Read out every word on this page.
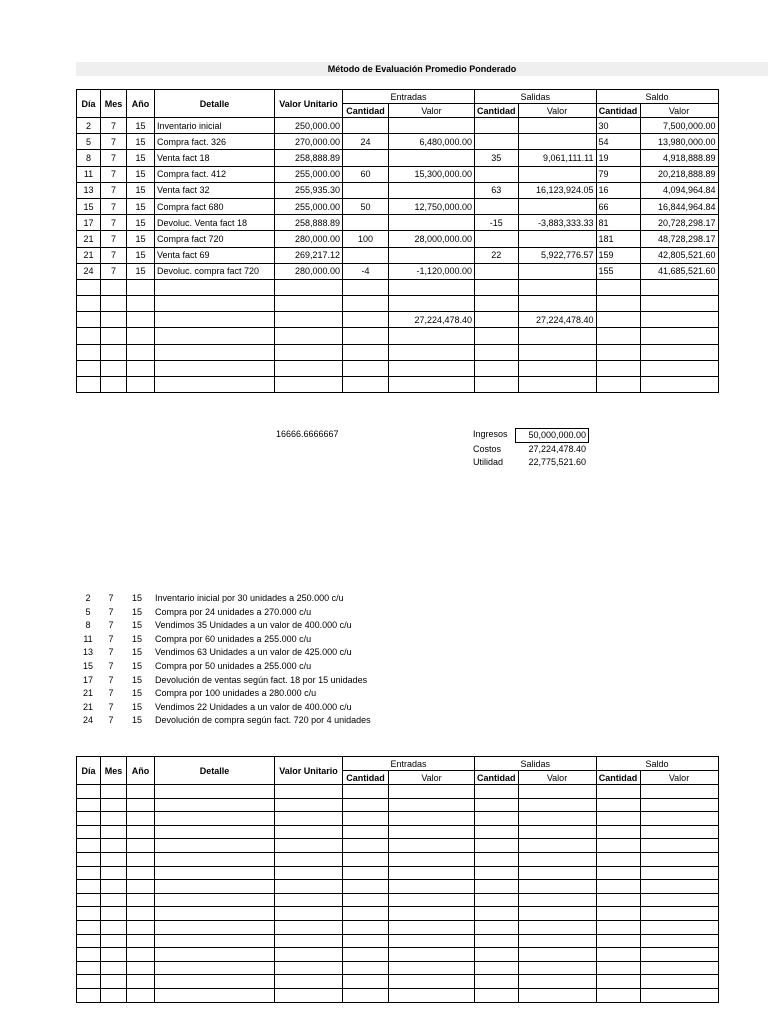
Método de Evaluación Promedio Ponderado
Día	Mes	Año	Detalle	Valor Unitario	Entradas		Salidas		Saldo	
					Cantidad	Valor	Cantidad	Valor	Cantidad	Valor
2	7	15	Inventario inicial	250,000.00					30	7,500,000.00
5	7	15	Compra fact. 326	270,000.00	24	6,480,000.00			54	13,980,000.00
8	7	15	Venta fact 18	258,888.89			35	9,061,111.11	19	4,918,888.89
11	7	15	Compra fact. 412	255,000.00	60	15,300,000.00			79	20,218,888.89
13	7	15	Venta fact 32	255,935.30			63	16,123,924.05	16	4,094,964.84
15	7	15	Compra fact 680	255,000.00	50	12,750,000.00			66	16,844,964.84
17	7	15	Devoluc. Venta fact 18	258,888.89			-15	-3,883,333.33	81	20,728,298.17
21	7	15	Compra fact 720	280,000.00	100	28,000,000.00			181	48,728,298.17
21	7	15	Venta fact 69	269,217.12			22	5,922,776.57	159	42,805,521.60
24	7	15	Devoluc. compra fact 720	280,000.00	-4	-1,120,000.00			155	41,685,521.60

						27,224,478.40		27,224,478.40		

16666.6666667	Ingresos	50,000,000.00
Costos	27,224,478.40
Utilidad	22,775,521.60
2	7	15	Inventario inicial por 30 unidades a 250.000 c/u
5	7	15	Compra por 24 unidades a 270.000 c/u
8	7	15	Vendimos 35 Unidades a un valor de 400.000 c/u
11	7	15	Compra por 60 unidades a 255.000 c/u
13	7	15	Vendimos 63 Unidades a un valor de 425.000 c/u
15	7	15	Compra por 50 unidades a 255.000 c/u
17	7	15	Devolución de ventas según fact. 18 por 15 unidades
21	7	15	Compra por 100 unidades a 280.000 c/u
21	7	15	Vendimos 22 Unidades a un valor de 400.000 c/u
24	7	15	Devolución de compra según fact. 720 por 4 unidades
Día	Mes	Año	Detalle	Valor Unitario	Entradas		Salidas		Saldo	
					Cantidad	Valor	Cantidad	Valor	Cantidad	Valor
